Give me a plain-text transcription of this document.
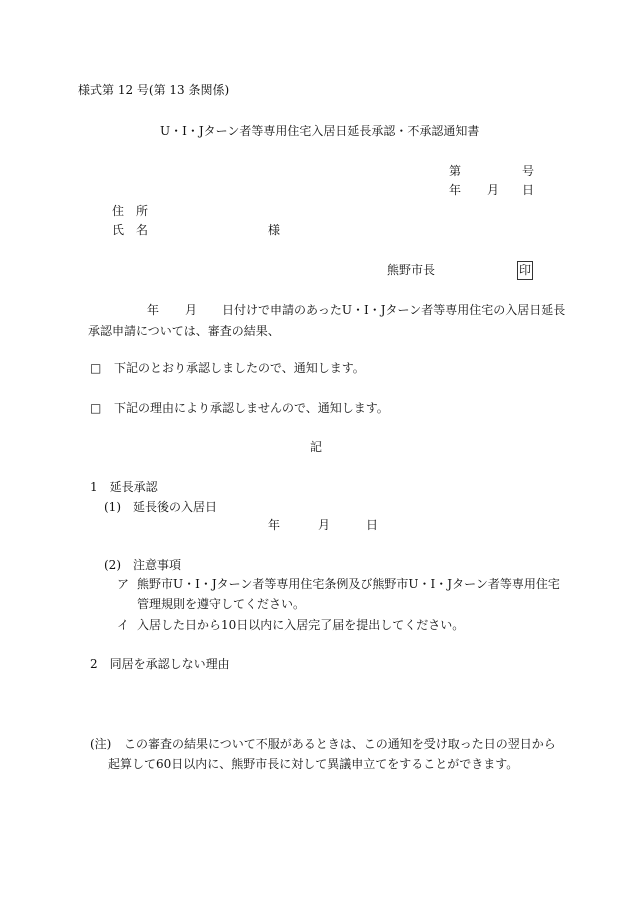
様式第 12 号(第 13 条関係)
U・I・Jターン者等専用住宅入居日延長承認・不承認通知書
第	号
年 月 日
住　所
氏　名	様
熊野市長	印
年 月 日付けで申請のあったU・I・Jターン者等専用住宅の入居日延長
承認申請については、審査の結果、
□ 下記のとおり承認しましたので、通知します。
□ 下記の理由により承認しませんので、通知します。
記
1　延長承認
(1)　延長後の入居日
年	月	日
(2)　注意事項
ア 熊野市U・I・Jターン者等専用住宅条例及び熊野市U・I・Jターン者等専用住宅
管理規則を遵守してください。
イ 入居した日から10日以内に入居完了届を提出してください。
2　同居を承認しない理由
(注) この審査の結果について不服があるときは、この通知を受け取った日の翌日から
起算して60日以内に、熊野市長に対して異議申立てをすることができます。
